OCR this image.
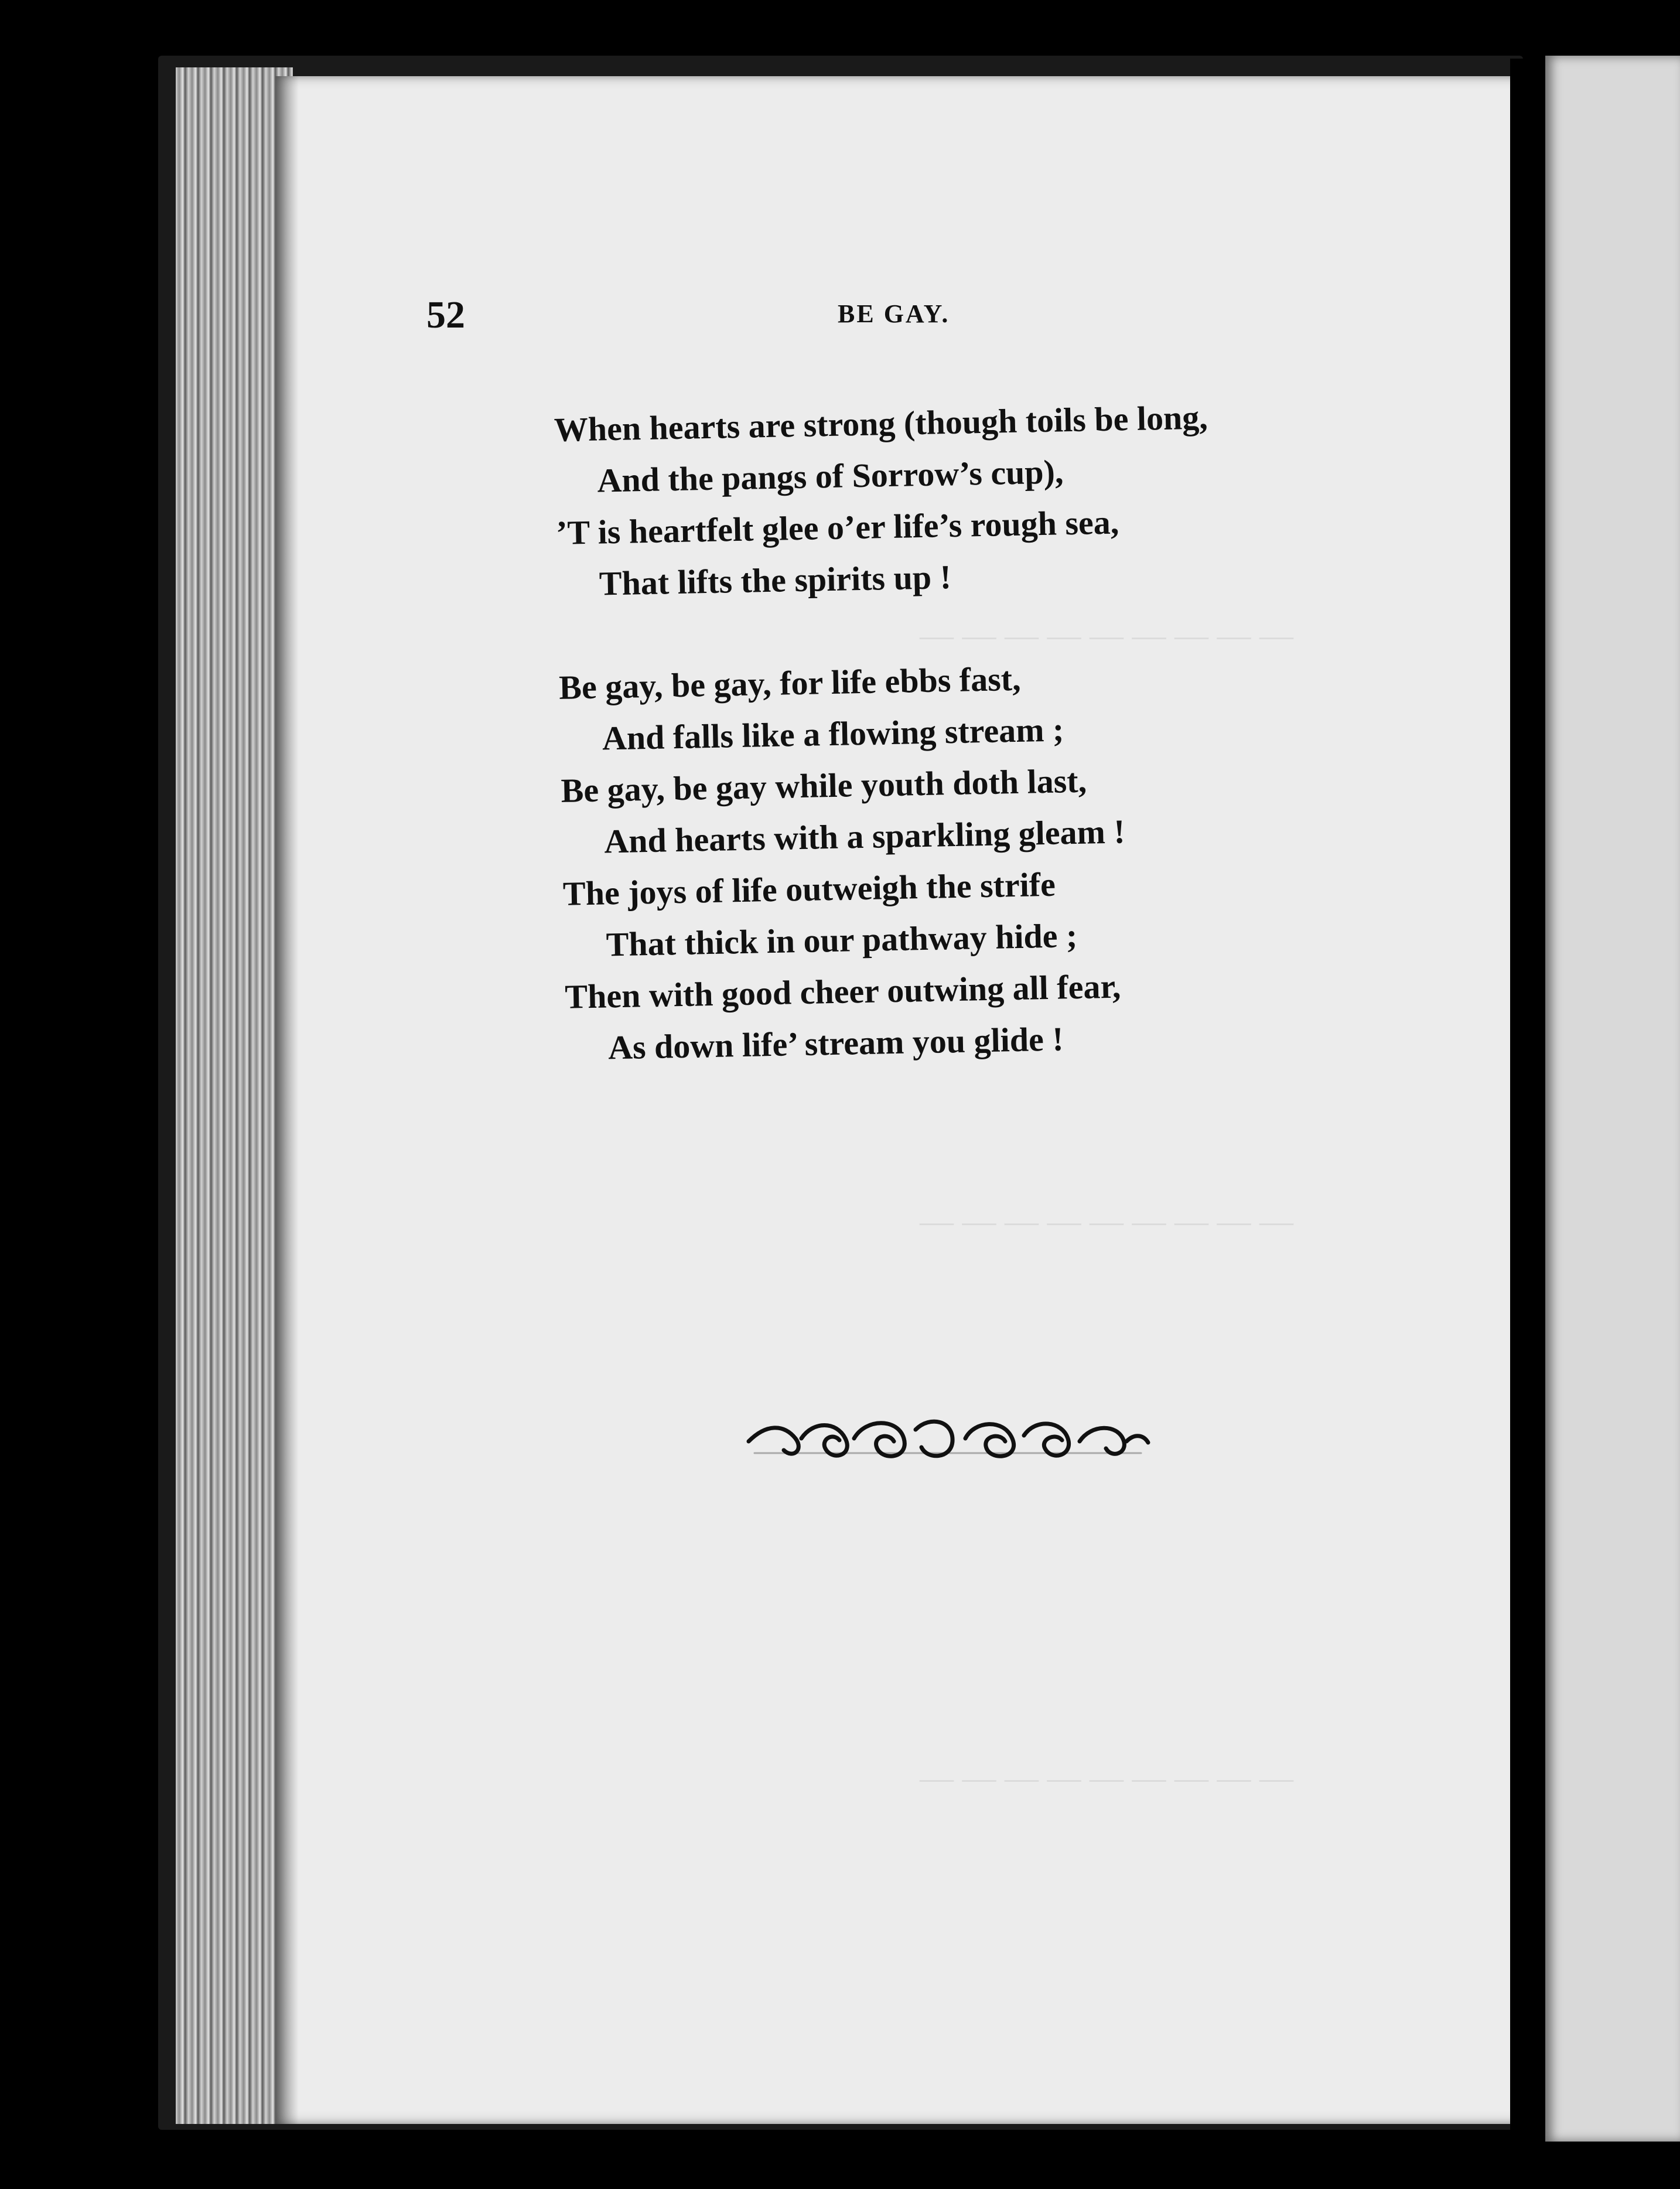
— — — — — — — — —
— — — — — — — — —
— — — — — — — — —
52	BE GAY.
When hearts are strong (though toils be long,
And the pangs of Sorrow’s cup),
’T is heartfelt glee o’er life’s rough sea,
That lifts the spirits up !
Be gay, be gay, for life ebbs fast,
And falls like a flowing stream ;
Be gay, be gay while youth doth last,
And hearts with a sparkling gleam !
The joys of life outweigh the strife
That thick in our pathway hide ;
Then with good cheer outwing all fear,
As down life’ stream you glide !
